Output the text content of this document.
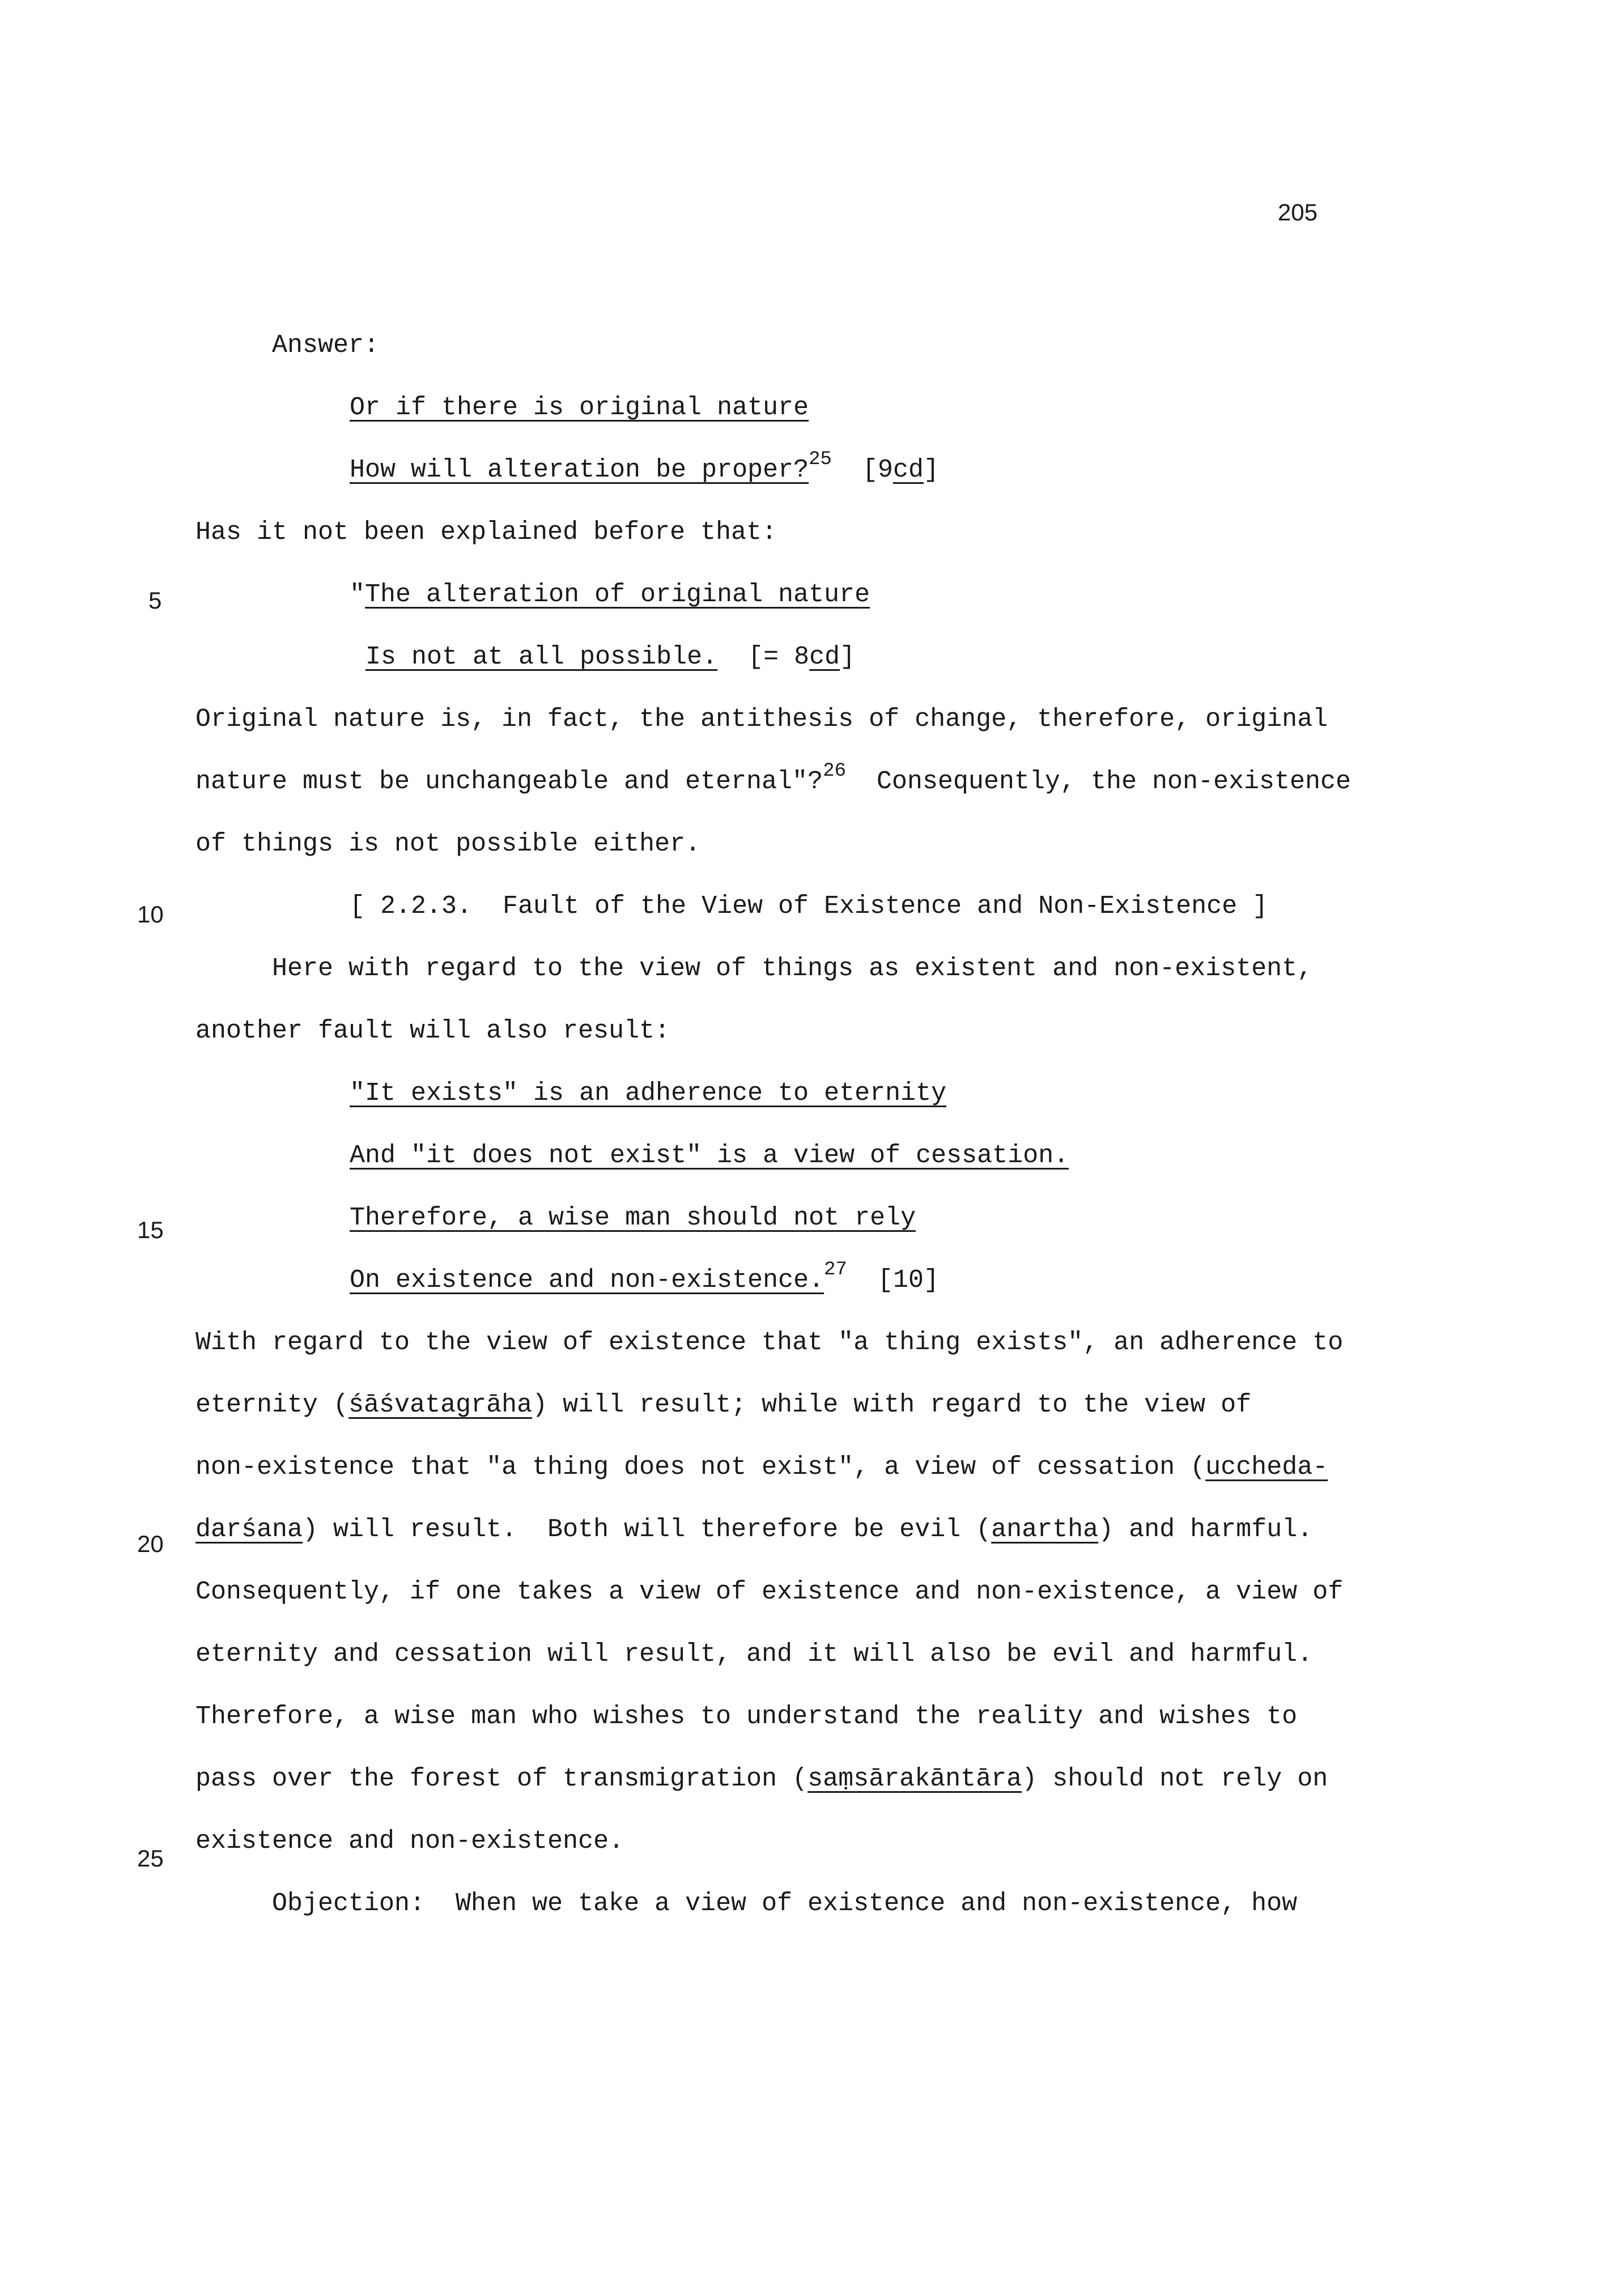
205
5
10
15
20
25
Answer:
Or if there is original nature
How will alteration be proper?$^{25}$ [9cd]
Has it not been explained before that:
"The alteration of original nature
Is not at all possible. [= 8cd]
Original nature is, in fact, the antithesis of change, therefore, original
nature must be unchangeable and eternal"?$^{26}$  Consequently, the non-existence
of things is not possible either.
[ 2.2.3.  Fault of the View of Existence and Non-Existence ]
Here with regard to the view of things as existent and non-existent,
another fault will also result:
"It exists" is an adherence to eternity
And "it does not exist" is a view of cessation.
Therefore, a wise man should not rely
On existence and non-existence.$^{27}$ [10]
With regard to the view of existence that "a thing exists", an adherence to
eternity (śāśvatagrāha) will result; while with regard to the view of
non-existence that "a thing does not exist", a view of cessation (uccheda-
darśana) will result.  Both will therefore be evil (anartha) and harmful.
Consequently, if one takes a view of existence and non-existence, a view of
eternity and cessation will result, and it will also be evil and harmful.
Therefore, a wise man who wishes to understand the reality and wishes to
pass over the forest of transmigration (saṃsārakāntāra) should not rely on
existence and non-existence.
Objection:  When we take a view of existence and non-existence, how
